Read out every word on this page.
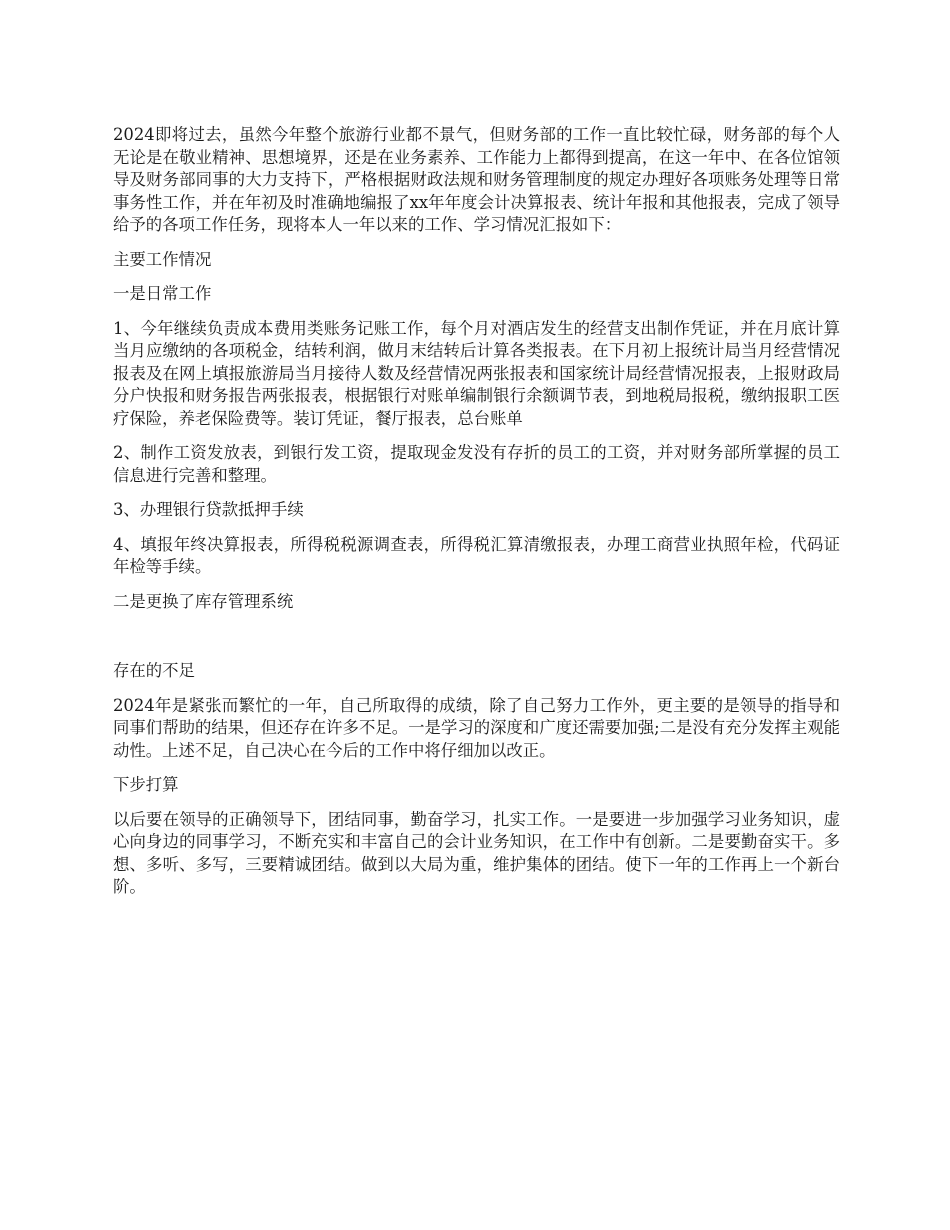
2024即将过去，虽然今年整个旅游行业都不景气，但财务部的工作一直比较忙碌，财务部的每个人无论是在敬业精神、思想境界，还是在业务素养、工作能力上都得到提高，在这一年中、在各位馆领导及财务部同事的大力支持下，严格根据财政法规和财务管理制度的规定办理好各项账务处理等日常事务性工作，并在年初及时准确地编报了xx年年度会计决算报表、统计年报和其他报表，完成了领导给予的各项工作任务，现将本人一年以来的工作、学习情况汇报如下：

主要工作情况

一是日常工作

1、今年继续负责成本费用类账务记账工作，每个月对酒店发生的经营支出制作凭证，并在月底计算当月应缴纳的各项税金，结转利润，做月末结转后计算各类报表。在下月初上报统计局当月经营情况报表及在网上填报旅游局当月接待人数及经营情况两张报表和国家统计局经营情况报表，上报财政局分户快报和财务报告两张报表，根据银行对账单编制银行余额调节表，到地税局报税，缴纳报职工医疗保险，养老保险费等。装订凭证，餐厅报表，总台账单

2、制作工资发放表，到银行发工资，提取现金发没有存折的员工的工资，并对财务部所掌握的员工信息进行完善和整理。

3、办理银行贷款抵押手续

4、填报年终决算报表，所得税税源调查表，所得税汇算清缴报表，办理工商营业执照年检，代码证年检等手续。

二是更换了库存管理系统

存在的不足

2024年是紧张而繁忙的一年，自己所取得的成绩，除了自己努力工作外，更主要的是领导的指导和同事们帮助的结果，但还存在许多不足。一是学习的深度和广度还需要加强;二是没有充分发挥主观能动性。上述不足，自己决心在今后的工作中将仔细加以改正。

下步打算

以后要在领导的正确领导下，团结同事，勤奋学习，扎实工作。一是要进一步加强学习业务知识，虚心向身边的同事学习，不断充实和丰富自己的会计业务知识，在工作中有创新。二是要勤奋实干。多想、多听、多写，三要精诚团结。做到以大局为重，维护集体的团结。使下一年的工作再上一个新台阶。
